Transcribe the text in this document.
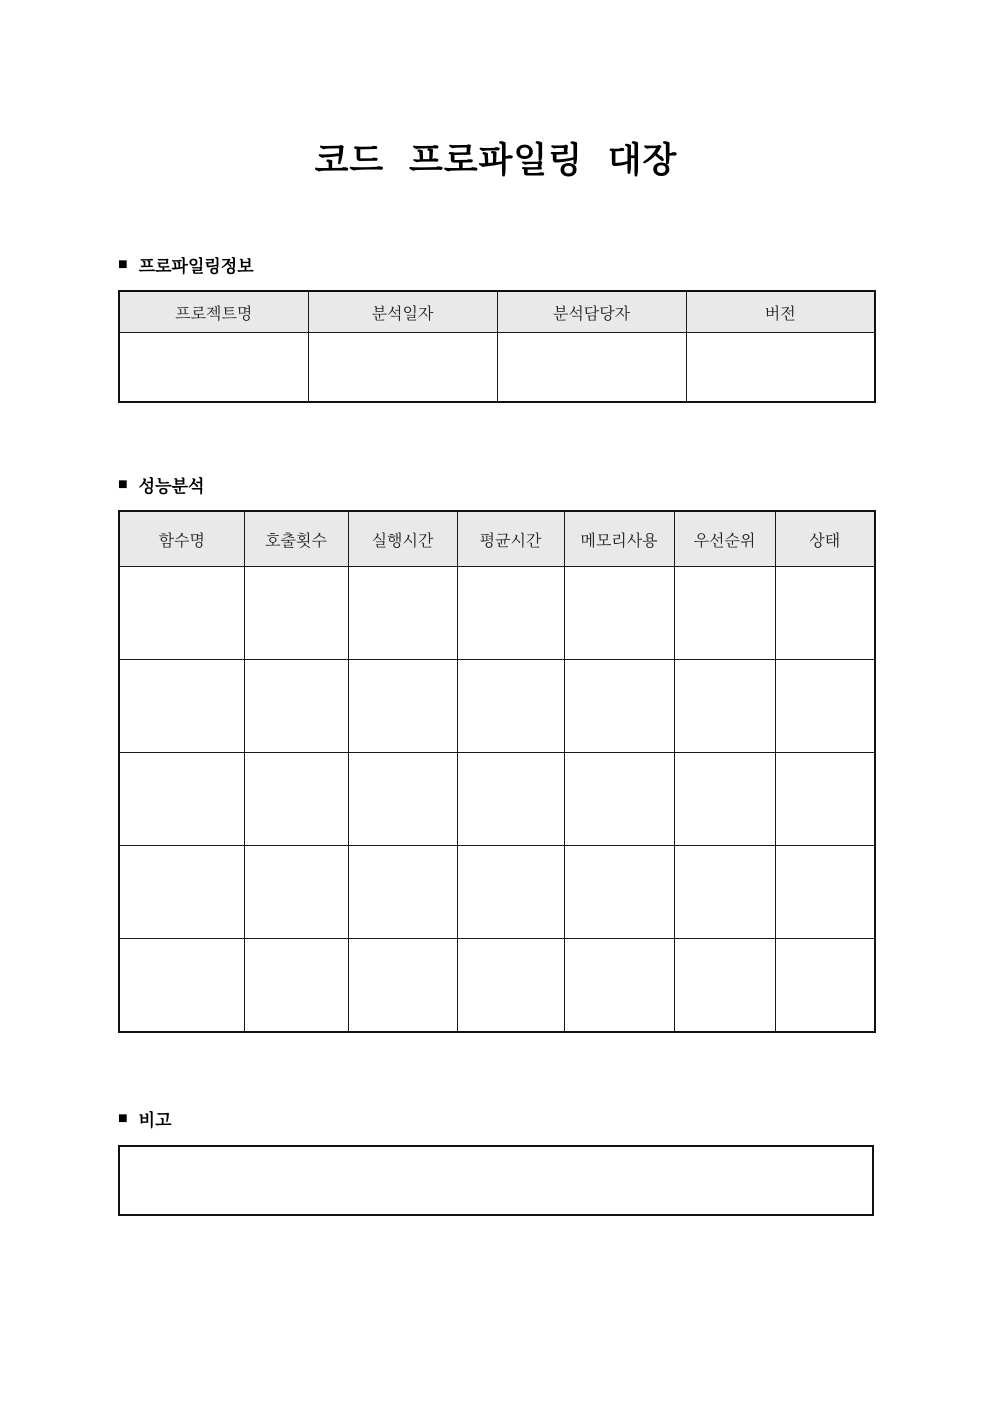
코드 프로파일링 대장
■ 프로파일링정보
프로젝트명	분석일자	분석담당자	버전

■ 성능분석
함수명	호출횟수	실행시간	평균시간	메모리사용	우선순위	상태

■ 비고
